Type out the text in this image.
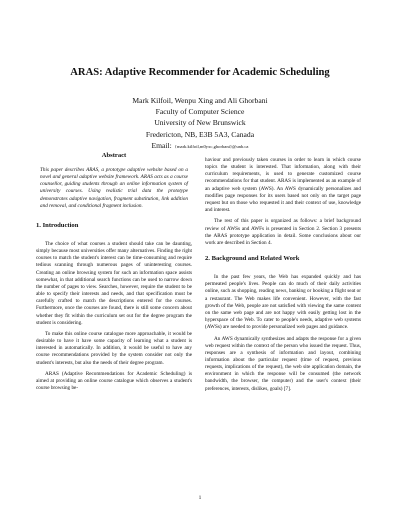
ARAS: Adaptive Recommender for Academic Scheduling
Mark Kilfoil, Wenpu Xing and Ali Ghorbani
Faculty of Computer Science
University of New Brunswick
Fredericton, NB, E3B 5A3, Canada
Email: {mark.kilfoil,m0yxc,ghorbani}@unb.ca
Abstract
This paper describes ARAS, a prototype adaptive website based on a novel and general adaptive website framework. ARAS acts as a course counsellor, guiding students through an online information system of university courses. Using realistic trial data the prototype demonstrates adaptive navigation, fragment substitution, link addition and removal, and conditional fragment inclusion.
1. Introduction

The choice of what courses a student should take can be daunting, simply because most universities offer many alternatives. Finding the right courses to match the student's interest can be time-consuming and require tedious scanning through numerous pages of uninteresting courses. Creating an online browsing system for such an information space assists somewhat, in that additional search functions can be used to narrow down the number of pages to view. Searches, however, require the student to be able to specify their interests and needs, and that specification must be carefully crafted to match the descriptions entered for the courses. Furthermore, once the courses are found, there is still some concern about whether they fit within the curriculum set out for the degree program the student is considering.

To make this online course catalogue more approachable, it would be desirable to have it have some capacity of learning what a student is interested in automatically. In addition, it would be useful to have any course recommendations provided by the system consider not only the student's interests, but also the needs of their degree program.

ARAS (Adaptive Recommendations for Academic Scheduling) is aimed at providing an online course catalogue which observes a student's course browsing be-

haviour and previously taken courses in order to learn in which course topics the student is interested. That information, along with their curriculum requirements, is used to generate customized course recommendations for that student. ARAS is implemented as an example of an adaptive web system (AWS). An AWS dynamically personalizes and modifies page responses for its users based not only on the target page request but on those who requested it and their context of use, knowledge and interest.

The rest of this paper is organized as follows: a brief background review of AWSs and AWFs is presented in Section 2. Section 3 presents the ARAS prototype application in detail. Some conclusions about our work are described in Section 4.

2. Background and Related Work

In the past few years, the Web has expanded quickly and has permeated people's lives. People can do much of their daily activities online, such as shopping, reading news, banking or booking a flight seat or a restaurant. The Web makes life convenient. However, with the fast growth of the Web, people are not satisfied with viewing the same content on the same web page and are not happy with easily getting lost in the hyperspace of the Web. To cater to people's needs, adaptive web systems (AWSs) are needed to provide personalized web pages and guidance.

An AWS dynamically synthesizes and adapts the response for a given web request within the context of the person who issued the request. Thus, responses are a synthesis of information and layout, combining information about the particular request (time of request, previous requests, implications of the request), the web site application domain, the environment in which the response will be consumed (the network bandwidth, the browser, the computer) and the user's context (their preferences, interests, dislikes, goals) [7].

1
